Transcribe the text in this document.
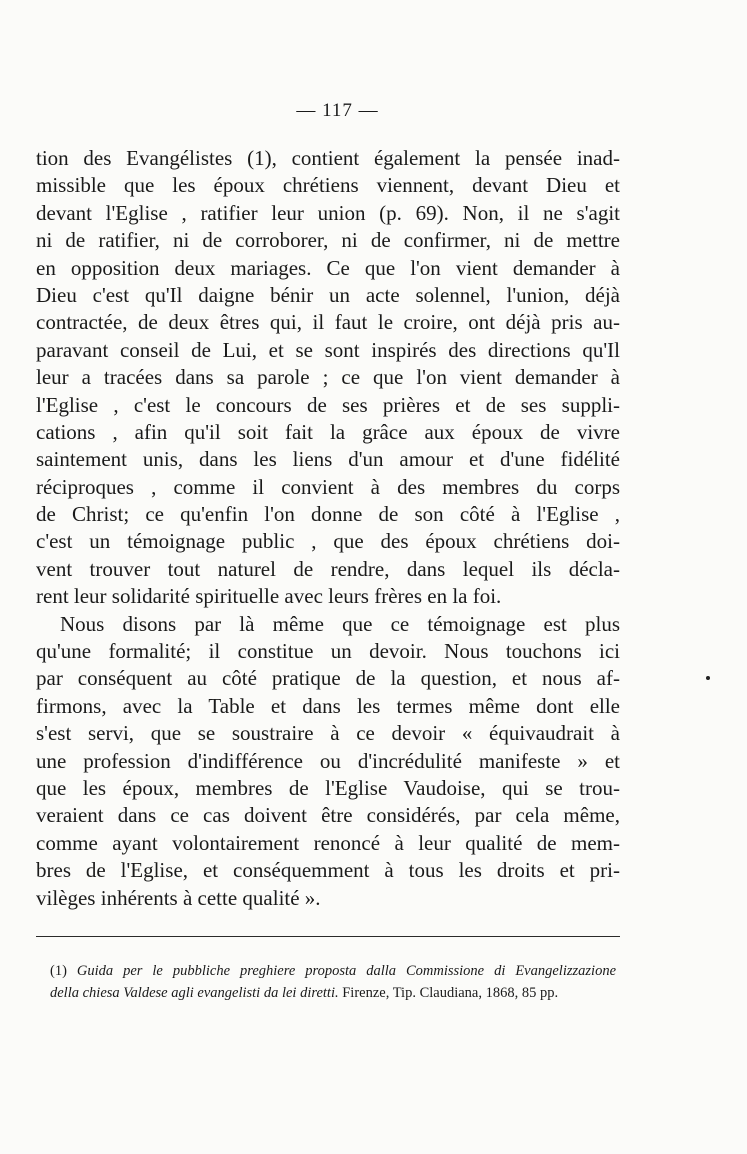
— 117 —
tion des Evangélistes (1), contient également la pensée inad-
missible que les époux chrétiens viennent, devant Dieu et
devant l'Eglise , ratifier leur union (p. 69). Non, il ne s'agit
ni de ratifier, ni de corroborer, ni de confirmer, ni de mettre
en opposition deux mariages. Ce que l'on vient demander à
Dieu c'est qu'Il daigne bénir un acte solennel, l'union, déjà
contractée, de deux êtres qui, il faut le croire, ont déjà pris au-
paravant conseil de Lui, et se sont inspirés des directions qu'Il
leur a tracées dans sa parole ; ce que l'on vient demander à
l'Eglise , c'est le concours de ses prières et de ses suppli-
cations , afin qu'il soit fait la grâce aux époux de vivre
saintement unis, dans les liens d'un amour et d'une fidélité
réciproques , comme il convient à des membres du corps
de Christ; ce qu'enfin l'on donne de son côté à l'Eglise ,
c'est un témoignage public , que des époux chrétiens doi-
vent trouver tout naturel de rendre, dans lequel ils décla-
rent leur solidarité spirituelle avec leurs frères en la foi.
Nous disons par là même que ce témoignage est plus
qu'une formalité; il constitue un devoir. Nous touchons ici
par conséquent au côté pratique de la question, et nous af-
firmons, avec la Table et dans les termes même dont elle
s'est servi, que se soustraire à ce devoir « équivaudrait à
une profession d'indifférence ou d'incrédulité manifeste » et
que les époux, membres de l'Eglise Vaudoise, qui se trou-
veraient dans ce cas doivent être considérés, par cela même,
comme ayant volontairement renoncé à leur qualité de mem-
bres de l'Eglise, et conséquemment à tous les droits et pri-
vilèges inhérents à cette qualité ».
(1) Guida per le pubbliche preghiere proposta dalla Commissione di Evangelizzazione
della chiesa Valdese agli evangelisti da lei diretti. Firenze, Tip. Claudiana, 1868, 85 pp.
